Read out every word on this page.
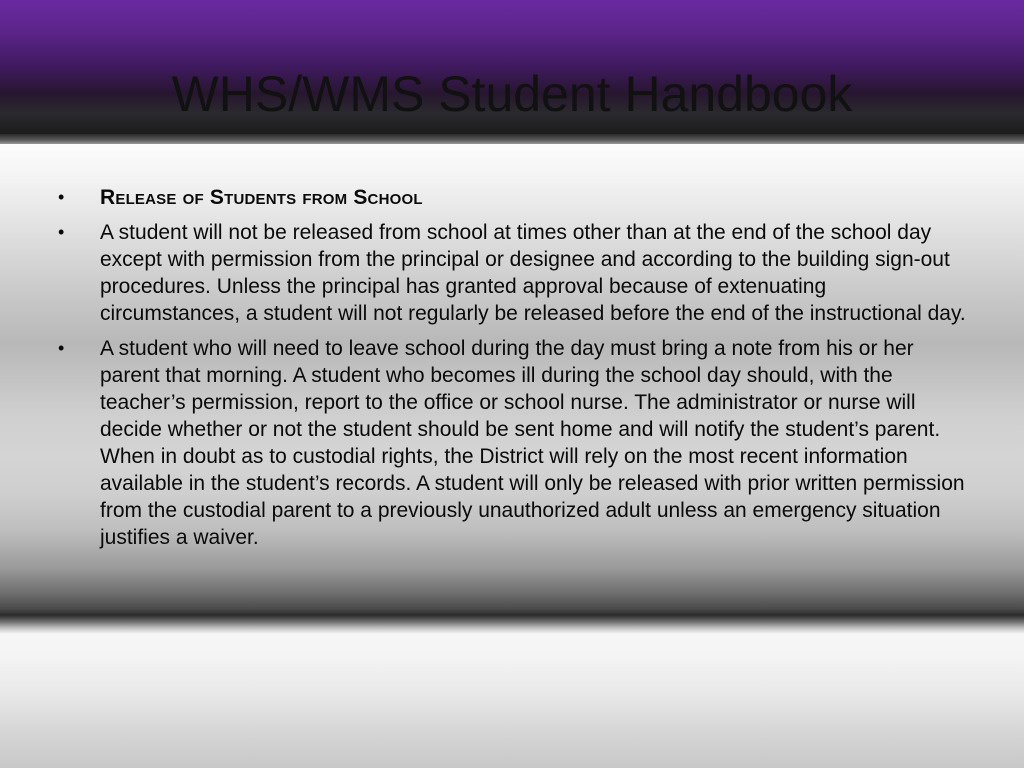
WHS/WMS Student Handbook
•	Release of Students from School
•	A student will not be released from school at times other than at the end of the school day except with permission from the principal or designee and according to the building sign-out procedures. Unless the principal has granted approval because of extenuating circumstances, a student will not regularly be released before the end of the instructional day.
•	A student who will need to leave school during the day must bring a note from his or her parent that morning. A student who becomes ill during the school day should, with the teacher’s permission, report to the office or school nurse. The administrator or nurse will decide whether or not the student should be sent home and will notify the student’s parent. When in doubt as to custodial rights, the District will rely on the most recent information available in the student’s records. A student will only be released with prior written permission from the custodial parent to a previously unauthorized adult unless an emergency situation justifies a waiver.
